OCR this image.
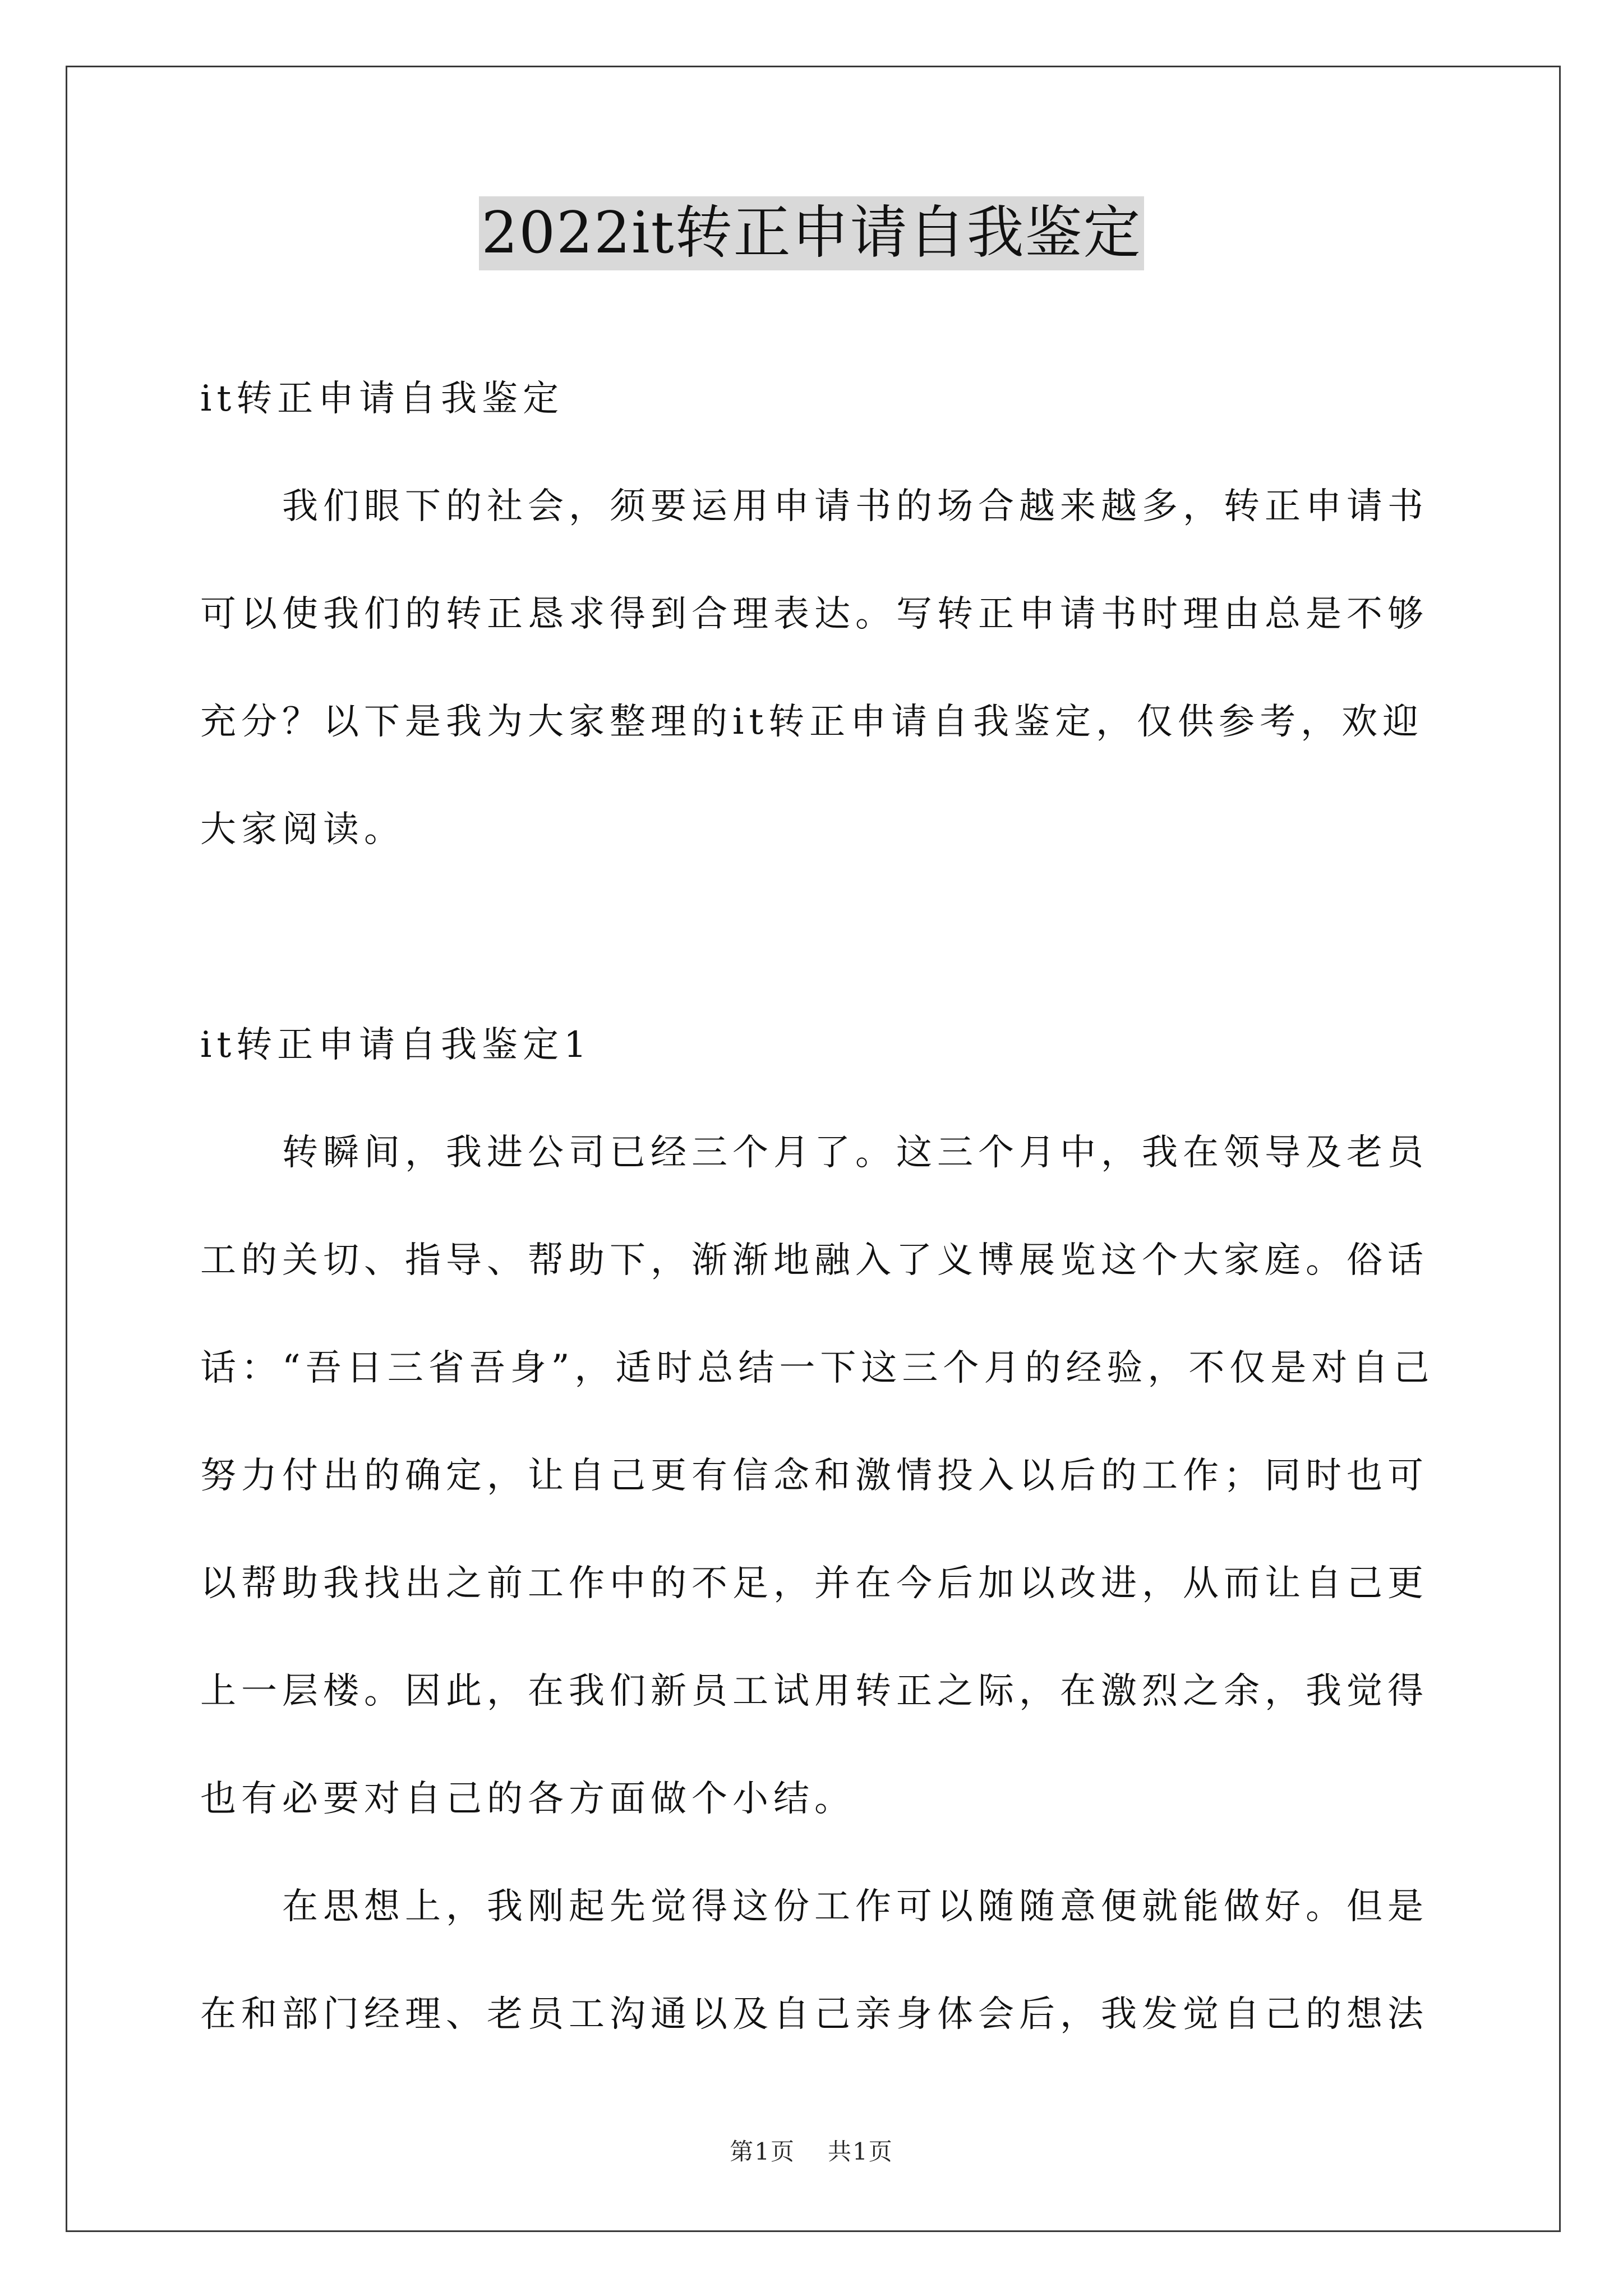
2022it转正申请自我鉴定

it转正申请自我鉴定

　　我们眼下的社会，须要运用申请书的场合越来越多，转正申请书
可以使我们的转正恳求得到合理表达。写转正申请书时理由总是不够
充分？以下是我为大家整理的it转正申请自我鉴定，仅供参考，欢迎
大家阅读。

it转正申请自我鉴定1

　　转瞬间，我进公司已经三个月了。这三个月中，我在领导及老员
工的关切、指导、帮助下，渐渐地融入了义博展览这个大家庭。俗话
话：“吾日三省吾身”，适时总结一下这三个月的经验，不仅是对自己
努力付出的确定，让自己更有信念和激情投入以后的工作；同时也可
以帮助我找出之前工作中的不足，并在今后加以改进，从而让自己更
上一层楼。因此，在我们新员工试用转正之际，在激烈之余，我觉得
也有必要对自己的各方面做个小结。

　　在思想上，我刚起先觉得这份工作可以随随意便就能做好。但是
在和部门经理、老员工沟通以及自己亲身体会后，我发觉自己的想法

第1页 共1页
